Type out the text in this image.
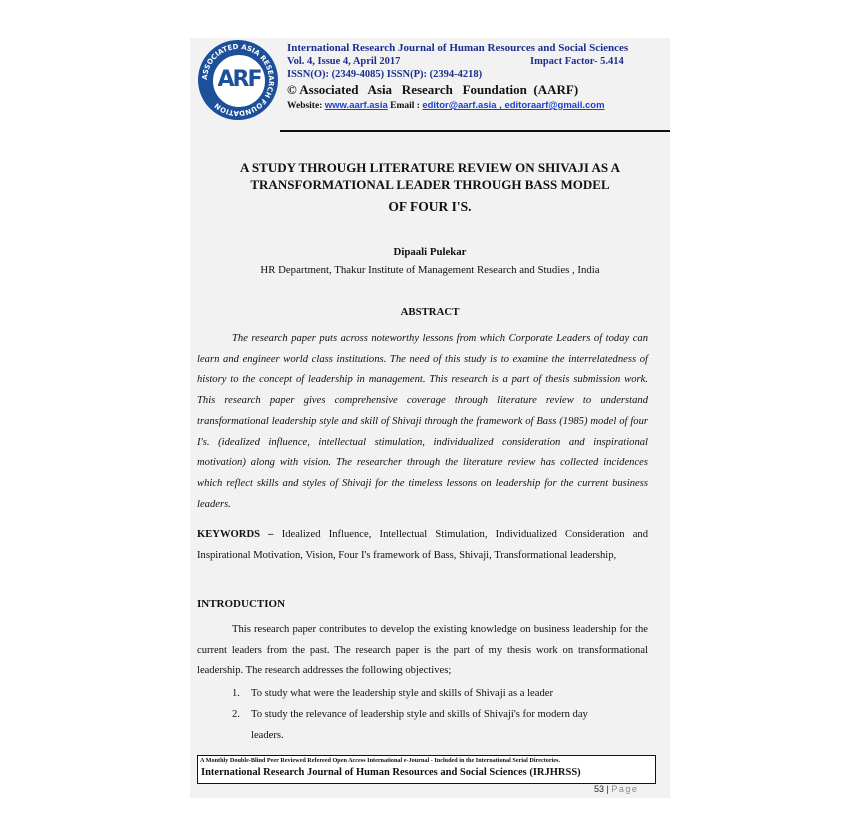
ASSOCIATED ASIA RESEARCH FOUNDATION
ARF
International Research Journal of Human Resources and Social Sciences
Vol. 4, Issue 4, April 2017	Impact Factor- 5.414
ISSN(O): (2349-4085) ISSN(P): (2394-4218)
© Associated   Asia   Research   Foundation  (AARF)
Website: www.aarf.asia Email : editor@aarf.asia , editoraarf@gmail.com
A STUDY THROUGH LITERATURE REVIEW ON SHIVAJI AS A
TRANSFORMATIONAL LEADER THROUGH BASS MODEL
OF FOUR I'S.
Dipaali Pulekar
HR Department, Thakur Institute of Management Research and Studies , India
ABSTRACT
The research paper puts across noteworthy lessons from which Corporate Leaders of today can learn and engineer world class institutions. The need of this study is to examine the interrelatedness of history to the concept of leadership in management. This research is a part of thesis submission work. This research paper gives comprehensive coverage through literature review to understand transformational leadership style and skill of Shivaji through the framework of Bass (1985) model of four I's. (idealized influence, intellectual stimulation, individualized consideration and inspirational motivation) along with vision. The researcher through the literature review has collected incidences which reflect skills and styles of Shivaji for the timeless lessons on leadership for the current business leaders.
KEYWORDS – Idealized Influence, Intellectual Stimulation, Individualized Consideration and Inspirational Motivation, Vision, Four I's framework of Bass, Shivaji, Transformational leadership,
INTRODUCTION
This research paper contributes to develop the existing knowledge on business leadership for the current leaders from the past. The research paper is the part of my thesis work on transformational leadership. The research addresses the following objectives;
1. To study what were the leadership style and skills of Shivaji as a leader
2. To study the relevance of leadership style and skills of Shivaji's for modern day
leaders.
A Monthly Double-Blind Peer Reviewed Refereed Open Access International e-Journal - Included in the International Serial Directories.
International Research Journal of Human Resources and Social Sciences (IRJHRSS)
53 | Page
